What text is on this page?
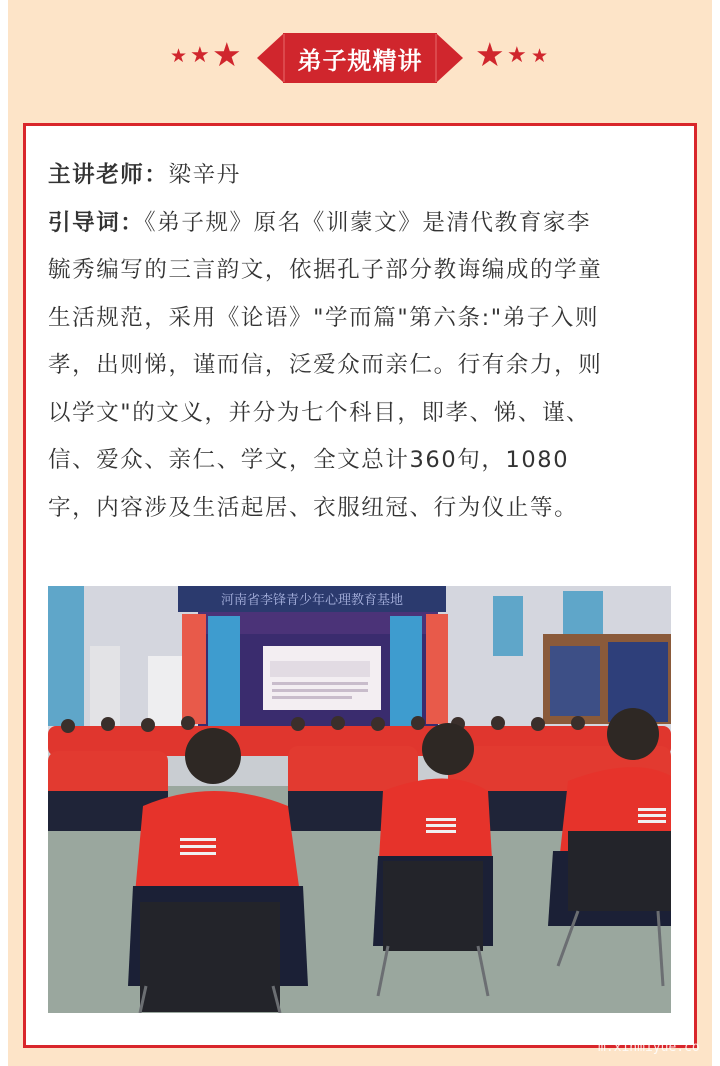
★ ★ ★	弟子规精讲	★ ★ ★
主讲老师：梁辛丹
引导词：《弟子规》原名《训蒙文》是清代教育家李
毓秀编写的三言韵文，依据孔子部分教诲编成的学童
生活规范，采用《论语》"学而篇"第六条:"弟子入则
孝，出则悌，谨而信，泛爱众而亲仁。行有余力，则
以学文"的文义，并分为七个科目，即孝、悌、谨、
信、爱众、亲仁、学文，全文总计360句，1080
字，内容涉及生活起居、衣服纽冠、行为仪止等。
河南省李锋青少年心理教育基地
m.xinmiyue.co
